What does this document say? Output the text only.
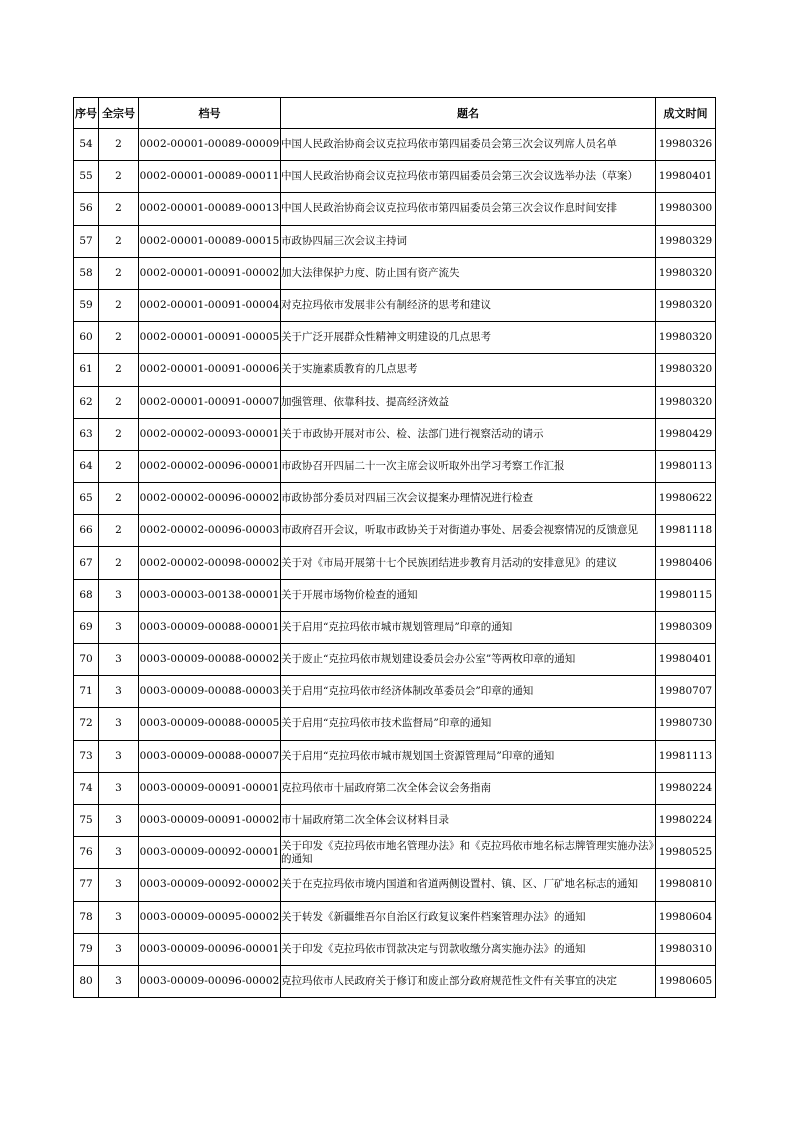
序号	全宗号	档号	题名	成文时间
54	2	0002-00001-00089-00009	中国人民政治协商会议克拉玛依市第四届委员会第三次会议列席人员名单	19980326
55	2	0002-00001-00089-00011	中国人民政治协商会议克拉玛依市第四届委员会第三次会议选举办法（草案）	19980401
56	2	0002-00001-00089-00013	中国人民政治协商会议克拉玛依市第四届委员会第三次会议作息时间安排	19980300
57	2	0002-00001-00089-00015	市政协四届三次会议主持词	19980329
58	2	0002-00001-00091-00002	加大法律保护力度、防止国有资产流失	19980320
59	2	0002-00001-00091-00004	对克拉玛依市发展非公有制经济的思考和建议	19980320
60	2	0002-00001-00091-00005	关于广泛开展群众性精神文明建设的几点思考	19980320
61	2	0002-00001-00091-00006	关于实施素质教育的几点思考	19980320
62	2	0002-00001-00091-00007	加强管理、依靠科技、提高经济效益	19980320
63	2	0002-00002-00093-00001	关于市政协开展对市公、检、法部门进行视察活动的请示	19980429
64	2	0002-00002-00096-00001	市政协召开四届二十一次主席会议听取外出学习考察工作汇报	19980113
65	2	0002-00002-00096-00002	市政协部分委员对四届三次会议提案办理情况进行检查	19980622
66	2	0002-00002-00096-00003	市政府召开会议，听取市政协关于对街道办事处、居委会视察情况的反馈意见	19981118
67	2	0002-00002-00098-00002	关于对《市局开展第十七个民族团结进步教育月活动的安排意见》的建议	19980406
68	3	0003-00003-00138-00001	关于开展市场物价检查的通知	19980115
69	3	0003-00009-00088-00001	关于启用“克拉玛依市城市规划管理局”印章的通知	19980309
70	3	0003-00009-00088-00002	关于废止“克拉玛依市规划建设委员会办公室”等两枚印章的通知	19980401
71	3	0003-00009-00088-00003	关于启用“克拉玛依市经济体制改革委员会”印章的通知	19980707
72	3	0003-00009-00088-00005	关于启用“克拉玛依市技术监督局”印章的通知	19980730
73	3	0003-00009-00088-00007	关于启用“克拉玛依市城市规划国土资源管理局”印章的通知	19981113
74	3	0003-00009-00091-00001	克拉玛依市十届政府第二次全体会议会务指南	19980224
75	3	0003-00009-00091-00002	市十届政府第二次全体会议材料目录	19980224
76	3	0003-00009-00092-00001	关于印发《克拉玛依市地名管理办法》和《克拉玛依市地名标志牌管理实施办法》的通知	19980525
77	3	0003-00009-00092-00002	关于在克拉玛依市境内国道和省道两侧设置村、镇、区、厂矿地名标志的通知	19980810
78	3	0003-00009-00095-00002	关于转发《新疆维吾尔自治区行政复议案件档案管理办法》的通知	19980604
79	3	0003-00009-00096-00001	关于印发《克拉玛依市罚款决定与罚款收缴分离实施办法》的通知	19980310
80	3	0003-00009-00096-00002	克拉玛依市人民政府关于修订和废止部分政府规范性文件有关事宜的决定	19980605
